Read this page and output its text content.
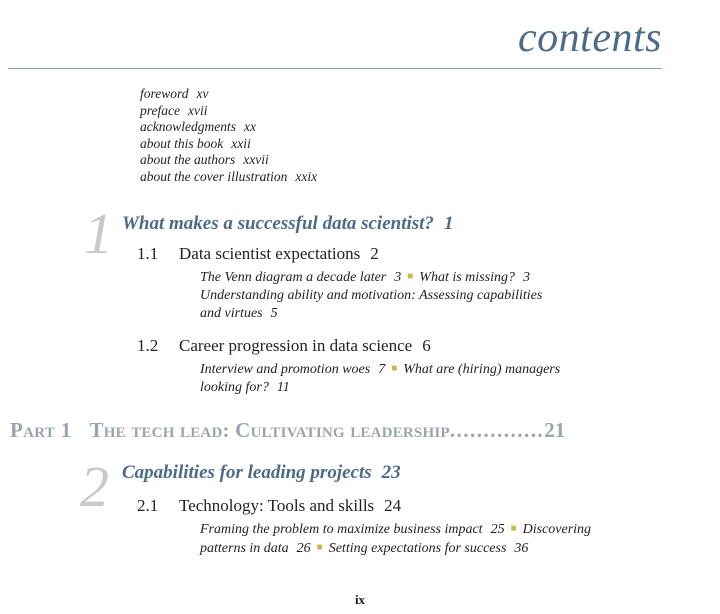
contents
foreword xv
preface xvii
acknowledgments xx
about this book xxii
about the authors xxvii
about the cover illustration xxix
1 What makes a successful data scientist? 1
1.1 Data scientist expectations 2
The Venn diagram a decade later 3 ■ What is missing? 3
Understanding ability and motivation: Assessing capabilities
and virtues 5
1.2 Career progression in data science 6
Interview and promotion woes 7 ■ What are (hiring) managers
looking for? 11
Part 1 The tech lead: Cultivating leadership..............21
2 Capabilities for leading projects 23
2.1 Technology: Tools and skills 24
Framing the problem to maximize business impact 25 ■ Discovering
patterns in data 26 ■ Setting expectations for success 36
ix
